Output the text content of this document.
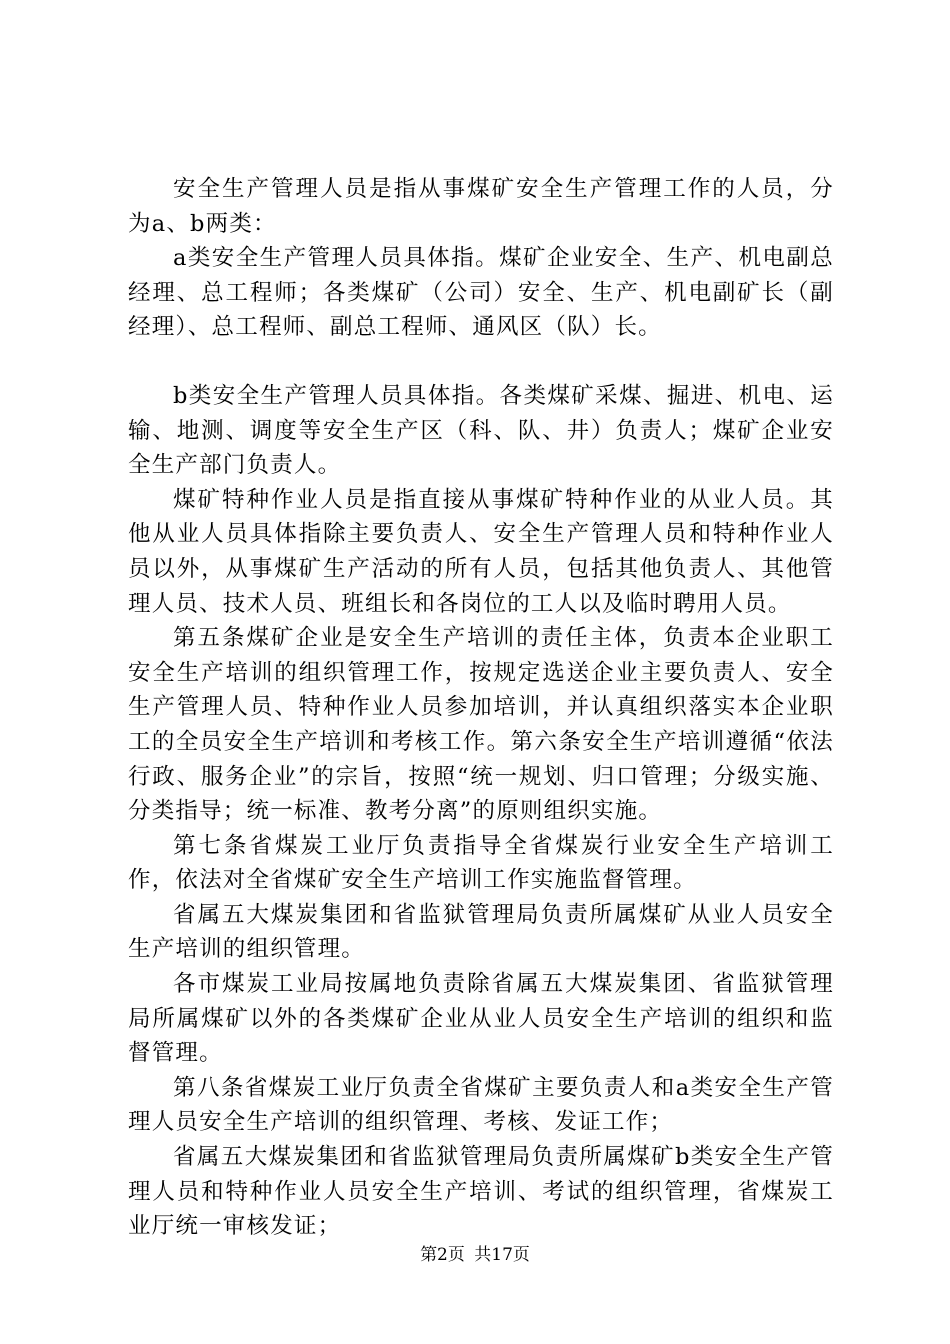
安全生产管理人员是指从事煤矿安全生产管理工作的人员，分为a、b两类：

a类安全生产管理人员具体指。煤矿企业安全、生产、机电副总经理、总工程师；各类煤矿（公司）安全、生产、机电副矿长（副经理）、总工程师、副总工程师、通风区（队）长。

b类安全生产管理人员具体指。各类煤矿采煤、掘进、机电、运输、地测、调度等安全生产区（科、队、井）负责人；煤矿企业安全生产部门负责人。

煤矿特种作业人员是指直接从事煤矿特种作业的从业人员。其他从业人员具体指除主要负责人、安全生产管理人员和特种作业人员以外，从事煤矿生产活动的所有人员，包括其他负责人、其他管理人员、技术人员、班组长和各岗位的工人以及临时聘用人员。

第五条煤矿企业是安全生产培训的责任主体，负责本企业职工安全生产培训的组织管理工作，按规定选送企业主要负责人、安全生产管理人员、特种作业人员参加培训，并认真组织落实本企业职工的全员安全生产培训和考核工作。第六条安全生产培训遵循“依法行政、服务企业”的宗旨，按照“统一规划、归口管理；分级实施、分类指导；统一标准、教考分离”的原则组织实施。

第七条省煤炭工业厅负责指导全省煤炭行业安全生产培训工作，依法对全省煤矿安全生产培训工作实施监督管理。

省属五大煤炭集团和省监狱管理局负责所属煤矿从业人员安全生产培训的组织管理。

各市煤炭工业局按属地负责除省属五大煤炭集团、省监狱管理局所属煤矿以外的各类煤矿企业从业人员安全生产培训的组织和监督管理。

第八条省煤炭工业厅负责全省煤矿主要负责人和a类安全生产管理人员安全生产培训的组织管理、考核、发证工作；

省属五大煤炭集团和省监狱管理局负责所属煤矿b类安全生产管理人员和特种作业人员安全生产培训、考试的组织管理，省煤炭工业厅统一审核发证；

第2页 共17页
